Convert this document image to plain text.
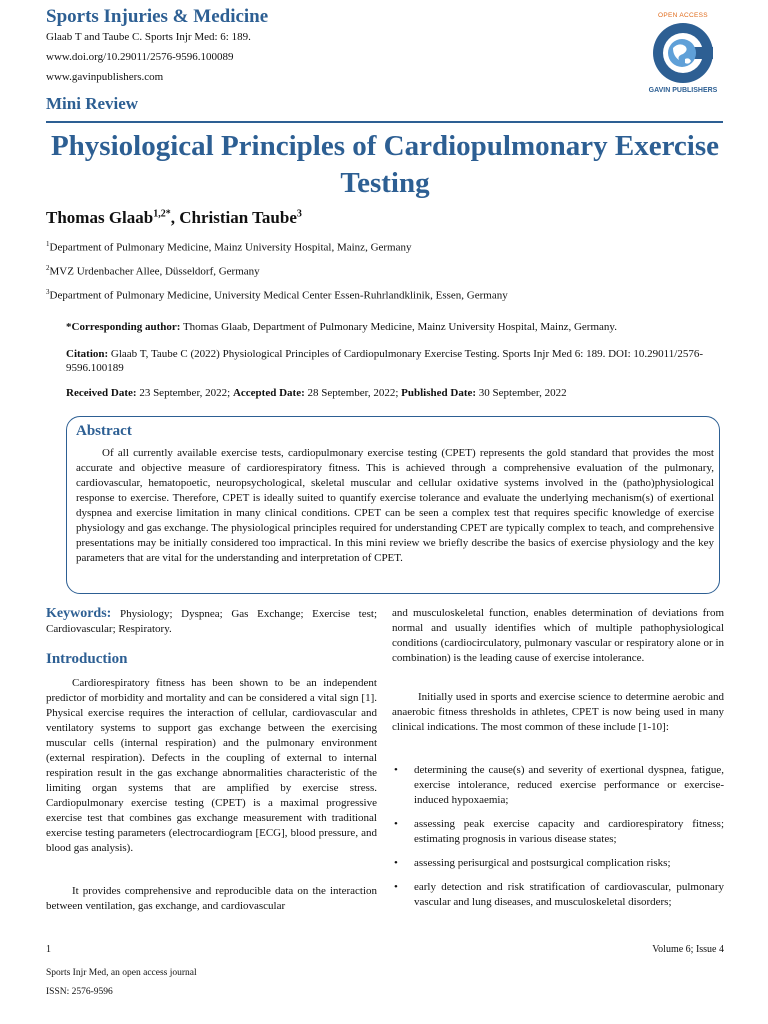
Sports Injuries & Medicine
Glaab T and Taube C. Sports Injr Med: 6: 189.
www.doi.org/10.29011/2576-9596.100089
www.gavinpublishers.com
Mini Review
OPEN ACCESS
GAVIN PUBLISHERS
Physiological Principles of Cardiopulmonary Exercise Testing
Thomas Glaab$^{1,2*}$, Christian Taube$^3$
$^1$Department of Pulmonary Medicine, Mainz University Hospital, Mainz, Germany
$^2$MVZ Urdenbacher Allee, Düsseldorf, Germany
$^3$Department of Pulmonary Medicine, University Medical Center Essen-Ruhrlandklinik, Essen, Germany
*Corresponding author: Thomas Glaab, Department of Pulmonary Medicine, Mainz University Hospital, Mainz, Germany.
Citation: Glaab T, Taube C (2022) Physiological Principles of Cardiopulmonary Exercise Testing. Sports Injr Med 6: 189. DOI: 10.29011/2576-9596.100189
Received Date: 23 September, 2022; Accepted Date: 28 September, 2022; Published Date: 30 September, 2022
Abstract
Of all currently available exercise tests, cardiopulmonary exercise testing (CPET) represents the gold standard that provides the most accurate and objective measure of cardiorespiratory fitness. This is achieved through a comprehensive evaluation of the pulmonary, cardiovascular, hematopoetic, neuropsychological, skeletal muscular and cellular oxidative systems involved in the (patho)physiological response to exercise. Therefore, CPET is ideally suited to quantify exercise tolerance and evaluate the underlying mechanism(s) of exertional dyspnea and exercise limitation in many clinical conditions. CPET can be seen a complex test that requires specific knowledge of exercise physiology and gas exchange. The physiological principles required for understanding CPET are typically complex to teach, and comprehensive presentations may be initially considered too impractical. In this mini review we briefly describe the basics of exercise physiology and the key parameters that are vital for the understanding and interpretation of CPET.
Keywords: Physiology; Dyspnea; Gas Exchange; Exercise test; Cardiovascular; Respiratory.
Introduction
Cardiorespiratory fitness has been shown to be an independent predictor of morbidity and mortality and can be considered a vital sign [1]. Physical exercise requires the interaction of cellular, cardiovascular and ventilatory systems to support gas exchange between the exercising muscular cells (internal respiration) and the pulmonary environment (external respiration). Defects in the coupling of external to internal respiration result in the gas exchange abnormalities characteristic of the limiting organ systems that are amplified by exercise stress. Cardiopulmonary exercise testing (CPET) is a maximal progressive exercise test that combines gas exchange measurement with traditional exercise testing parameters (electrocardiogram [ECG], blood pressure, and blood gas analysis).
It provides comprehensive and reproducible data on the interaction between ventilation, gas exchange, and cardiovascular
and musculoskeletal function, enables determination of deviations from normal and usually identifies which of multiple pathophysiological conditions (cardiocirculatory, pulmonary vascular or respiratory alone or in combination) is the leading cause of exercise intolerance.
Initially used in sports and exercise science to determine aerobic and anaerobic fitness thresholds in athletes, CPET is now being used in many clinical indications. The most common of these include [1-10]:
• determining the cause(s) and severity of exertional dyspnea, fatigue, exercise intolerance, reduced exercise performance or exercise-induced hypoxaemia;
• assessing peak exercise capacity and cardiorespiratory fitness; estimating prognosis in various disease states;
• assessing perisurgical and postsurgical complication risks;
• early detection and risk stratification of cardiovascular, pulmonary vascular and lung diseases, and musculoskeletal disorders;
1	Volume 6; Issue 4
Sports Injr Med, an open access journal
ISSN: 2576-9596
